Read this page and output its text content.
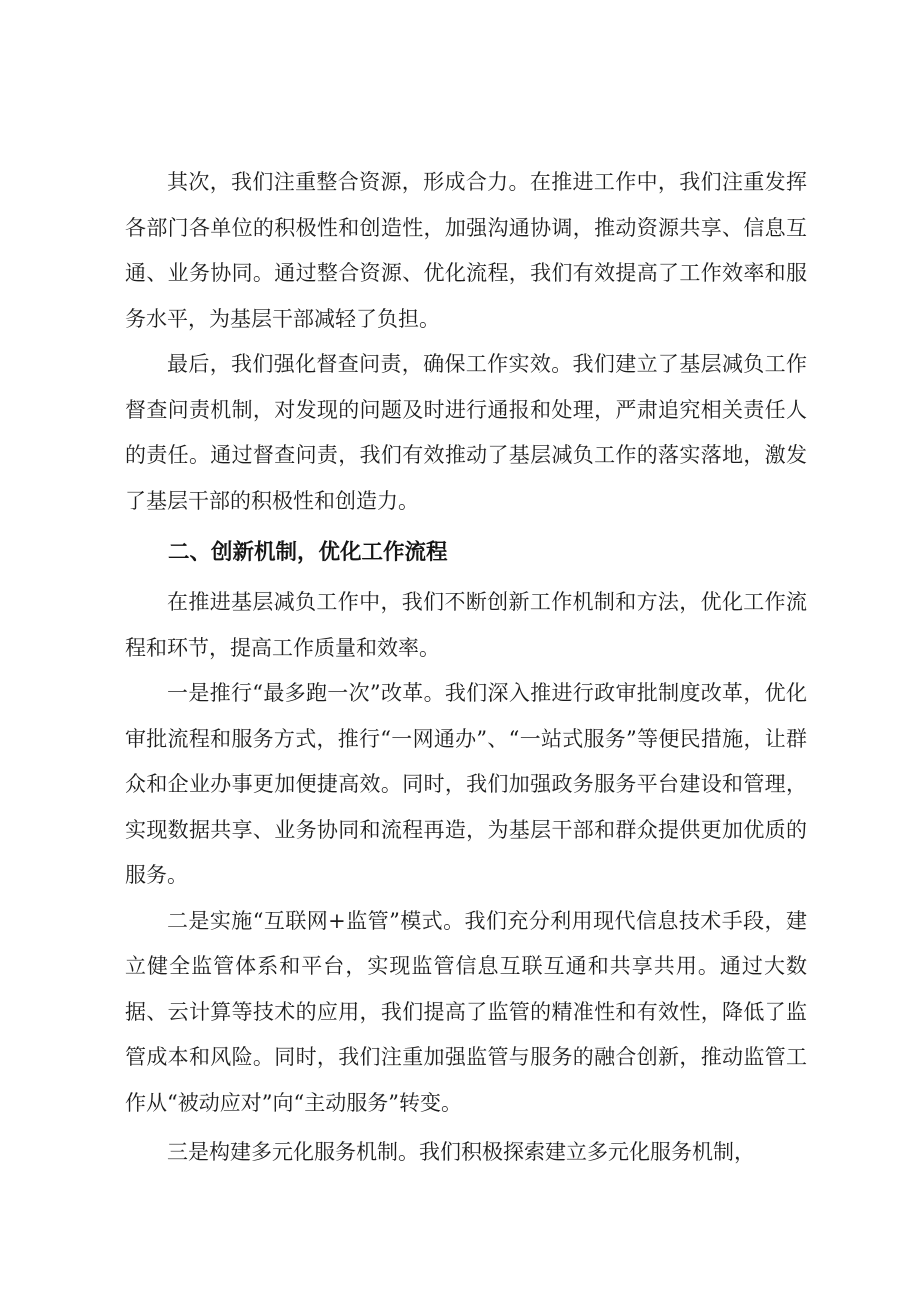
其次，我们注重整合资源，形成合力。在推进工作中，我们注重发挥各部门各单位的积极性和创造性，加强沟通协调，推动资源共享、信息互通、业务协同。通过整合资源、优化流程，我们有效提高了工作效率和服务水平，为基层干部减轻了负担。

最后，我们强化督查问责，确保工作实效。我们建立了基层减负工作督查问责机制，对发现的问题及时进行通报和处理，严肃追究相关责任人的责任。通过督查问责，我们有效推动了基层减负工作的落实落地，激发了基层干部的积极性和创造力。

二、创新机制，优化工作流程

在推进基层减负工作中，我们不断创新工作机制和方法，优化工作流程和环节，提高工作质量和效率。

一是推行“最多跑一次”改革。我们深入推进行政审批制度改革，优化审批流程和服务方式，推行“一网通办”、“一站式服务”等便民措施，让群众和企业办事更加便捷高效。同时，我们加强政务服务平台建设和管理，实现数据共享、业务协同和流程再造，为基层干部和群众提供更加优质的服务。

二是实施“互联网+监管”模式。我们充分利用现代信息技术手段，建立健全监管体系和平台，实现监管信息互联互通和共享共用。通过大数据、云计算等技术的应用，我们提高了监管的精准性和有效性，降低了监管成本和风险。同时，我们注重加强监管与服务的融合创新，推动监管工作从“被动应对”向“主动服务”转变。

三是构建多元化服务机制。我们积极探索建立多元化服务机制，
